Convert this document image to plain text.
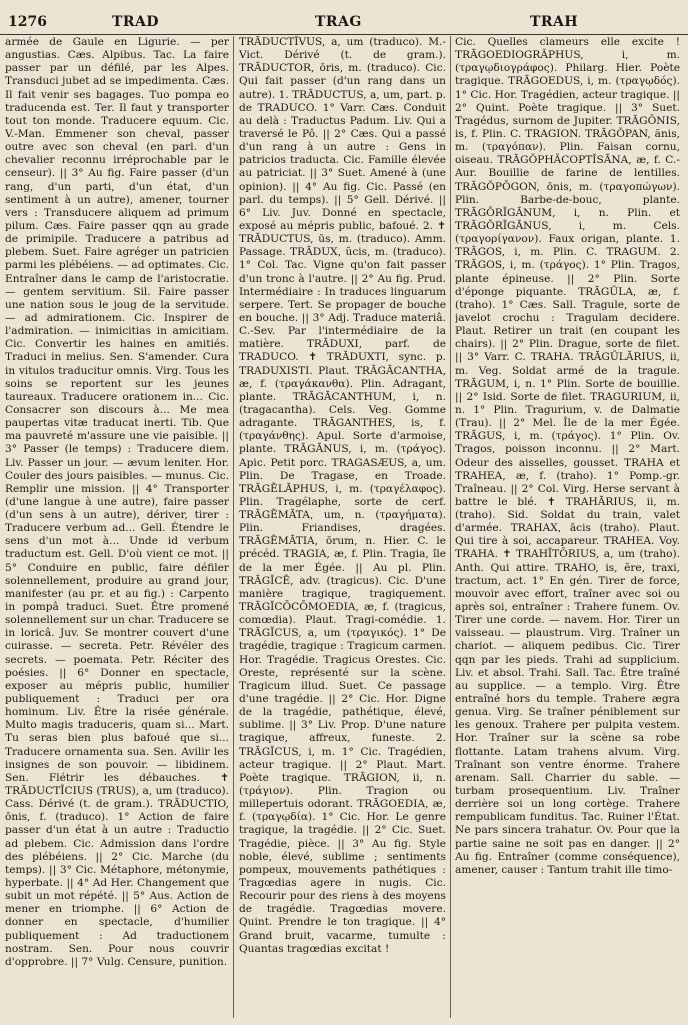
1276	TRAD	TRAG	TRAH

armée de Gaule en Ligurie. — per angustias. Cæs. Alpibus. Tac. La faire passer par un défilé, par les Alpes. Transduci jubet ad se impedimenta. Cæs. Il fait venir ses bagages. Tuo pompa eo traducenda est. Ter. Il faut y transporter tout ton monde. Traducere equum. Cic. V.-Man. Emmener son cheval, passer outre avec son cheval (en parl. d'un chevalier reconnu irréprochable par le censeur). || 3° Au fig. Faire passer (d'un rang, d'un parti, d'un état, d'un sentiment à un autre), amener, tourner vers : Transducere aliquem ad primum pilum. Cæs. Faire passer qqn au grade de primipile. Traducere a patribus ad plebem. Suet. Faire agréger un patricien parmi les plébéiens. — ad optimates. Cic. Entraîner dans le camp de l'aristocratie. — gentem servitium. Sil. Faire passer une nation sous le joug de la servitude. — ad admirationem. Cic. Inspirer de l'admiration. — inimicitias in amicitiam. Cic. Convertir les haines en amitiés. Traduci in melius. Sen. S'amender. Cura in vitulos traducitur omnis. Virg. Tous les soins se reportent sur les jeunes taureaux. Traducere orationem in... Cic. Consacrer son discours à... Me mea paupertas vitæ traducat inerti. Tib. Que ma pauvreté m'assure une vie paisible. || 3° Passer (le temps) : Traducere diem. Liv. Passer un jour. — ævum leniter. Hor. Couler des jours paisibles. — munus. Cic. Remplir une mission. || 4° Transporter (d'une langue à une autre), faire passer (d'un sens à un autre), dériver, tirer : Traducere verbum ad... Gell. Étendre le sens d'un mot à... Unde id verbum traductum est. Gell. D'où vient ce mot. || 5° Conduire en public, faire défiler solennellement, produire au grand jour, manifester (au pr. et au fig.) : Carpento in pompâ traduci. Suet. Être promené solennellement sur un char. Traducere se in loricâ. Juv. Se montrer couvert d'une cuirasse. — secreta. Petr. Révéler des secrets. — poemata. Petr. Réciter des poésies. || 6° Donner en spectacle, exposer au mépris public, humilier publiquement : Traduci per ora hominum. Liv. Être la risée générale. Multo magis traduceris, quam si... Mart. Tu seras bien plus bafoué que si... Traducere ornamenta sua. Sen. Avilir les insignes de son pouvoir. — libidinem. Sen. Flétrir les débauches. ✝ TRĀDUCTĪCIUS (TRUS), a, um (traduco). Cass. Dérivé (t. de gram.). TRĀDUCTIO, ōnis, f. (traduco). 1° Action de faire passer d'un état à un autre : Traductio ad plebem. Cic. Admission dans l'ordre des plébéiens. || 2° Cic. Marche (du temps). || 3° Cic. Métaphore, métonymie, hyperbate. || 4° Ad Her. Changement que subit un mot répété. || 5° Aus. Action de mener en triomphe. || 6° Action de donner en spectacle, d'humilier publiquement : Ad traductionem nostram. Sen. Pour nous couvrir d'opprobre. || 7° Vulg. Censure, punition.

TRĀDUCTĪVUS, a, um (traduco). M.-Vict. Dérivé (t. de gram.). TRĀDUCTOR, ōris, m. (traduco). Cic. Qui fait passer (d'un rang dans un autre). 1. TRĀDUCTUS, a, um, part. p. de TRADUCO. 1° Varr. Cæs. Conduit au delà : Traductus Padum. Liv. Qui a traversé le Pô. || 2° Cæs. Qui a passé d'un rang à un autre : Gens in patricios traducta. Cic. Famille élevée au patriciat. || 3° Suet. Amené à (une opinion). || 4° Au fig. Cic. Passé (en parl. du temps). || 5° Gell. Dérivé. || 6° Liv. Juv. Donné en spectacle, exposé au mépris public, bafoué. 2. ✝ TRĀDUCTUS, ūs, m. (traduco). Amm. Passage. TRĀDUX, ŭcis, m. (traduco). 1° Col. Tac. Vigne qu'on fait passer d'un tronc à l'autre. || 2° Au fig. Prud. Intermédiaire : In traduces linguarum serpere. Tert. Se propager de bouche en bouche. || 3° Adj. Traduce materiâ. C.-Sev. Par l'intermédiaire de la matière. TRĀDUXI, parf. de TRADUCO. ✝ TRĀDUXTI, sync. p. TRADUXISTI. Plaut. TRĀGĀCANTHA, æ, f. (τραγάκανθα). Plin. Adragant, plante. TRĀGĀCANTHUM, i, n. (tragacantha). Cels. Veg. Gomme adragante. TRĀGANTHES, is, f. (τραγάνθης). Apul. Sorte d'armoise, plante. TRĀGĀNUS, i, m. (τράγος). Apic. Petit porc. TRAGASÆUS, a, um. Plin. De Tragase, en Troade. TRĀGĒLĀPHUS, i, m. (τραγέλαφος). Plin. Tragélaphe, sorte de cerf. TRĀGĒMĀTA, um, n. (τραγήματα). Plin. Friandises, dragées. TRĀGĒMĀTIA, ōrum, n. Hier. C. le précéd. TRAGIA, æ, f. Plin. Tragia, île de la mer Égée. || Au pl. Plin. TRĀGĬCĒ, adv. (tragicus). Cic. D'une manière tragique, tragiquement. TRĀGĬCŌCŌMOEDIA, æ, f. (tragicus, comœdia). Plaut. Tragi-comédie. 1. TRĀGĬCUS, a, um (τραγικός). 1° De tragédie, tragique : Tragicum carmen. Hor. Tragédie. Tragicus Orestes. Cic. Oreste, représenté sur la scène. Tragicum illud. Suet. Ce passage d'une tragédie. || 2° Cic. Hor. Digne de la tragédie, pathétique, élevé, sublime. || 3° Liv. Prop. D'une nature tragique, affreux, funeste. 2. TRĀGĬCUS, i, m. 1° Cic. Tragédien, acteur tragique. || 2° Plaut. Mart. Poète tragique. TRĀGION, ii, n. (τράγιον). Plin. Tragion ou millepertuis odorant. TRĀGOEDIA, æ, f. (τραγῳδία). 1° Cic. Hor. Le genre tragique, la tragédie. || 2° Cic. Suet. Tragédie, pièce. || 3° Au fig. Style noble, élevé, sublime ; sentiments pompeux, mouvements pathétiques : Tragœdias agere in nugis. Cic. Recourir pour des riens à des moyens de tragédie. Tragœdias movere. Quint. Prendre le ton tragique. || 4° Grand bruit, vacarme, tumulte : Quantas tragœdias excitat !

Cic. Quelles clameurs elle excite ! TRĀGOEDIOGRĂPHUS, i, m. (τραγῳδιογράφος). Philarg. Hier. Poète tragique. TRĀGOEDUS, i, m. (τραγῳδός). 1° Cic. Hor. Tragédien, acteur tragique. || 2° Quint. Poète tragique. || 3° Suet. Tragédus, surnom de Jupiter. TRĀGŌNIS, is, f. Plin. C. TRAGION. TRĀGŎPAN, ănis, m. (τραγόπαν). Plin. Faisan cornu, oiseau. TRĀGŎPHĂCOPTĬSĀNA, æ, f. C.-Aur. Bouillie de farine de lentilles. TRĀGŎPŌGON, ōnis, m. (τραγοπώγων). Plin. Barbe-de-bouc, plante. TRĀGŎRĪGĀNUM, i, n. Plin. et TRĀGŎRĪGĀNUS, i, m. Cels. (τραγορίγανον). Faux origan, plante. 1. TRĀGOS, i, m. Plin. C. TRAGUM. 2. TRĀGOS, i, m. (τράγος). 1° Plin. Tragos, plante épineuse. || 2° Plin. Sorte d'éponge piquante. TRĀGŬLA, æ, f. (traho). 1° Cæs. Sall. Tragule, sorte de javelot crochu : Tragulam decidere. Plaut. Retirer un trait (en coupant les chairs). || 2° Plin. Drague, sorte de filet. || 3° Varr. C. TRAHA. TRĀGŬLĀRIUS, ii, m. Veg. Soldat armé de la tragule. TRĀGUM, i, n. 1° Plin. Sorte de bouillie. || 2° Isid. Sorte de filet. TRAGURIUM, ii, n. 1° Plin. Tragurium, v. de Dalmatie (Trau). || 2° Mel. Île de la mer Égée. TRĀGUS, i, m. (τράγος). 1° Plin. Ov. Tragos, poisson inconnu. || 2° Mart. Odeur des aisselles, gousset. TRAHA et TRAHEA, æ, f. (traho). 1° Pomp.-gr. Traîneau. || 2° Col. Virg. Herse servant à battre le blé. ✝ TRAHĀRIUS, ii, m. (traho). Sid. Soldat du train, valet d'armée. TRAHAX, ācis (traho). Plaut. Qui tire à soi, accapareur. TRAHEA. Voy. TRAHA. ✝ TRAHĪTŌRIUS, a, um (traho). Anth. Qui attire. TRAHO, is, ĕre, traxi, tractum, act. 1° En gén. Tirer de force, mouvoir avec effort, traîner avec soi ou après soi, entraîner : Trahere funem. Ov. Tirer une corde. — navem. Hor. Tirer un vaisseau. — plaustrum. Virg. Traîner un chariot. — aliquem pedibus. Cic. Tirer qqn par les pieds. Trahi ad supplicium. Liv. et absol. Trahi. Sall. Tac. Être traîné au supplice. — a templo. Virg. Être entraîné hors du temple. Trahere ægra genua. Virg. Se traîner péniblement sur les genoux. Trahere per pulpita vestem. Hor. Traîner sur la scène sa robe flottante. Latam trahens alvum. Virg. Traînant son ventre énorme. Trahere arenam. Sall. Charrier du sable. — turbam prosequentium. Liv. Traîner derrière soi un long cortège. Trahere rempublicam funditus. Tac. Ruiner l'État. Ne pars sincera trahatur. Ov. Pour que la partie saine ne soit pas en danger. || 2° Au fig. Entraîner (comme conséquence), amener, causer : Tantum trahit ille timo-
